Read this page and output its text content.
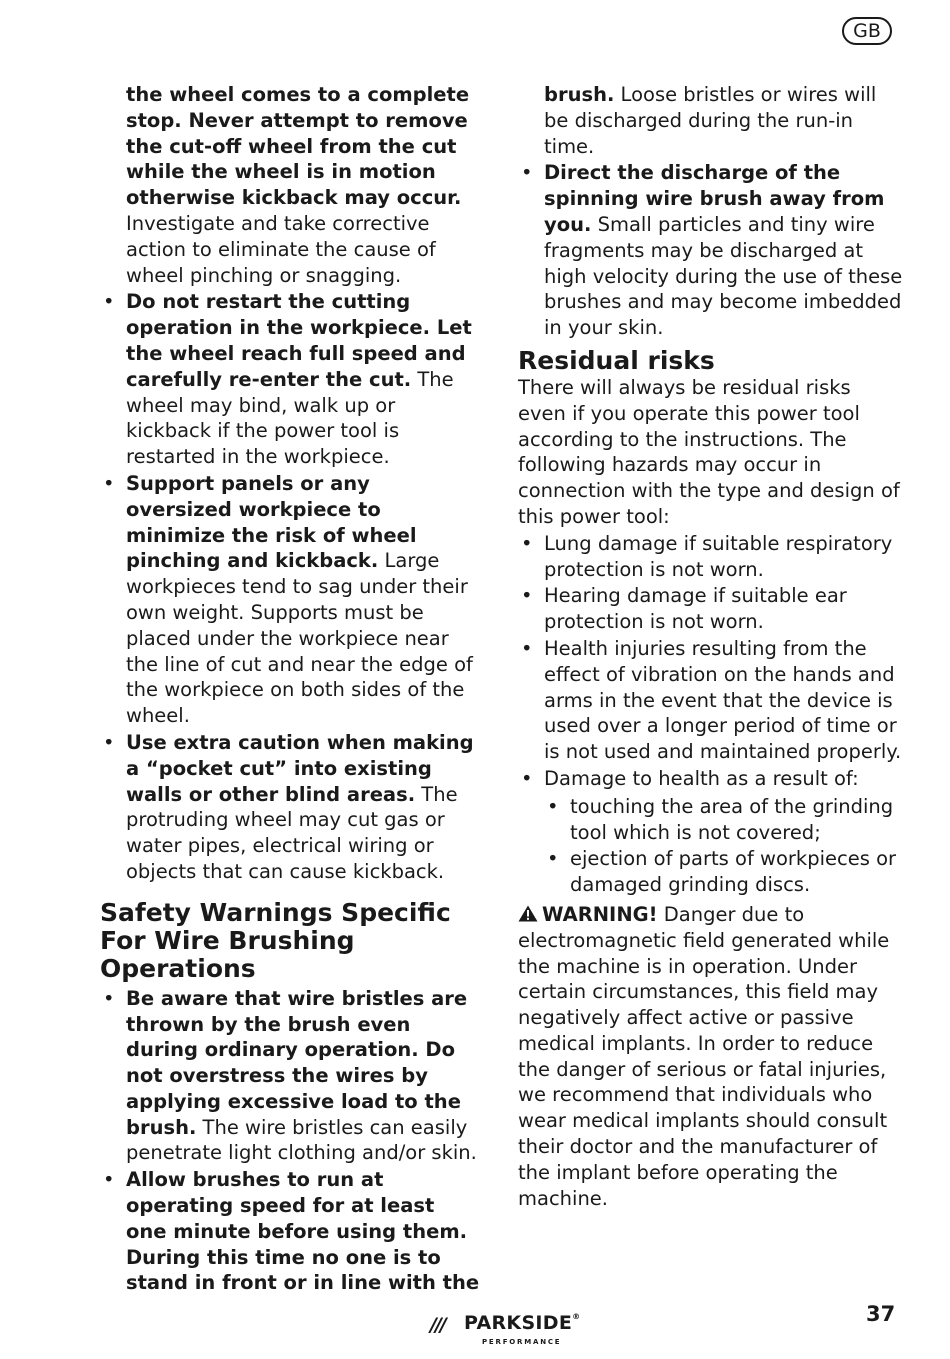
GB
the wheel comes to a complete stop. Never attempt to remove the cut-off wheel from the cut while the wheel is in motion otherwise kickback may occur. Investigate and take corrective action to eliminate the cause of wheel pinching or snagging.
• Do not restart the cutting operation in the workpiece. Let the wheel reach full speed and carefully re-enter the cut. The wheel may bind, walk up or kickback if the power tool is restarted in the workpiece.
• Support panels or any oversized workpiece to minimize the risk of wheel pinching and kickback. Large workpieces tend to sag under their own weight. Supports must be placed under the workpiece near the line of cut and near the edge of the workpiece on both sides of the wheel.
• Use extra caution when making a “pocket cut” into existing walls or other blind areas. The protruding wheel may cut gas or water pipes, electrical wiring or objects that can cause kickback.
Safety Warnings Specific For Wire Brushing Operations
• Be aware that wire bristles are thrown by the brush even during ordinary operation. Do not overstress the wires by applying excessive load to the brush. The wire bristles can easily penetrate light clothing and/or skin.
• Allow brushes to run at operating speed for at least one minute before using them. During this time no one is to stand in front or in line with the
brush. Loose bristles or wires will be discharged during the run-in time.
• Direct the discharge of the spinning wire brush away from you. Small particles and tiny wire fragments may be discharged at high velocity during the use of these brushes and may become imbedded in your skin.
Residual risks
There will always be residual risks even if you operate this power tool according to the instructions. The following hazards may occur in connection with the type and design of this power tool:
• Lung damage if suitable respiratory protection is not worn.
• Hearing damage if suitable ear protection is not worn.
• Health injuries resulting from the effect of vibration on the hands and arms in the event that the device is used over a longer period of time or is not used and maintained properly.
• Damage to health as a result of:
• touching the area of the grinding tool which is not covered;
• ejection of parts of workpieces or damaged grinding discs.
WARNING! Danger due to electromagnetic field generated while the machine is in operation. Under certain circumstances, this field may negatively affect active or passive medical implants. In order to reduce the danger of serious or fatal injuries, we recommend that individuals who wear medical implants should consult their doctor and the manufacturer of the implant before operating the machine.
/// PARKSIDE®
PERFORMANCE
37
